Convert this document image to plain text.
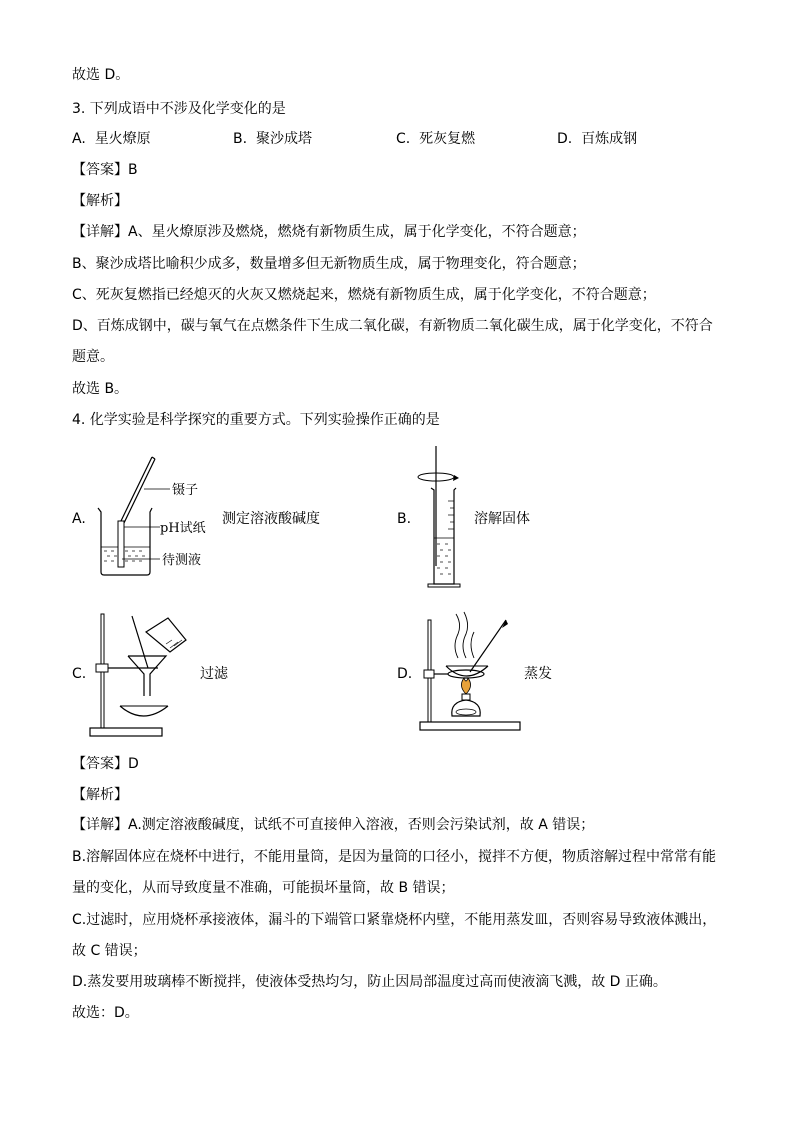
故选 D。
3. 下列成语中不涉及化学变化的是
A. 星火燎原	B. 聚沙成塔	C. 死灰复燃	D. 百炼成钢
【答案】B
【解析】
【详解】A、星火燎原涉及燃烧，燃烧有新物质生成，属于化学变化，不符合题意；
B、聚沙成塔比喻积少成多，数量增多但无新物质生成，属于物理变化，符合题意；
C、死灰复燃指已经熄灭的火灰又燃烧起来，燃烧有新物质生成，属于化学变化，不符合题意；
D、百炼成钢中，碳与氧气在点燃条件下生成二氧化碳，有新物质二氧化碳生成，属于化学变化，不符合
题意。
故选 B。
4. 化学实验是科学探究的重要方式。下列实验操作正确的是
A.
镊子
pH试纸
待测液
测定溶液酸碱度	B.	溶解固体
C.	过滤	D.	蒸发
【答案】D
【解析】
【详解】A.测定溶液酸碱度，试纸不可直接伸入溶液，否则会污染试剂，故 A 错误；
B.溶解固体应在烧杯中进行，不能用量筒，是因为量筒的口径小，搅拌不方便，物质溶解过程中常常有能
量的变化，从而导致度量不准确，可能损坏量筒，故 B 错误；
C.过滤时，应用烧杯承接液体，漏斗的下端管口紧靠烧杯内壁，不能用蒸发皿，否则容易导致液体溅出，
故 C 错误；
D.蒸发要用玻璃棒不断搅拌，使液体受热均匀，防止因局部温度过高而使液滴飞溅，故 D 正确。
故选：D。
